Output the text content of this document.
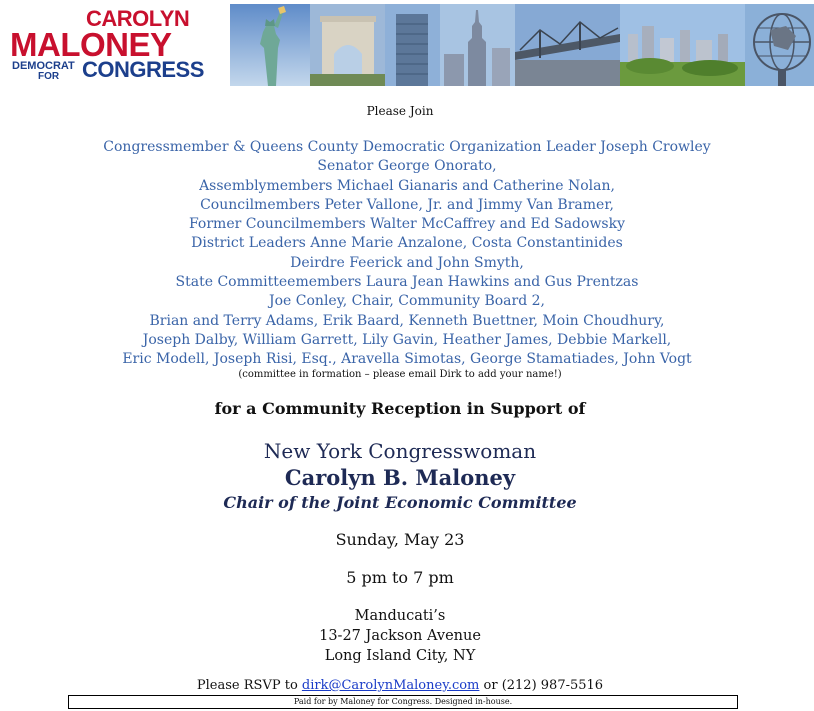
CAROLYN
MALONEY
DEMOCRAT
FOR CONGRESS
Please Join
Congressmember & Queens County Democratic Organization Leader Joseph Crowley
Senator George Onorato,
Assemblymembers Michael Gianaris and Catherine Nolan,
Councilmembers Peter Vallone, Jr. and Jimmy Van Bramer,
Former Councilmembers Walter McCaffrey and Ed Sadowsky
District Leaders Anne Marie Anzalone, Costa Constantinides
Deirdre Feerick and John Smyth,
State Committeemembers Laura Jean Hawkins and Gus Prentzas
Joe Conley, Chair, Community Board 2,
Brian and Terry Adams, Erik Baard, Kenneth Buettner, Moin Choudhury,
Joseph Dalby, William Garrett, Lily Gavin, Heather James, Debbie Markell,
Eric Modell, Joseph Risi, Esq., Aravella Simotas, George Stamatiades, John Vogt
(committee in formation – please email Dirk to add your name!)
for a Community Reception in Support of
New York Congresswoman
Carolyn B. Maloney
Chair of the Joint Economic Committee
Sunday, May 23
5 pm to 7 pm
Manducati’s
13-27 Jackson Avenue
Long Island City, NY
Please RSVP to dirk@CarolynMaloney.com or (212) 987-5516
Paid for by Maloney for Congress. Designed in-house.
